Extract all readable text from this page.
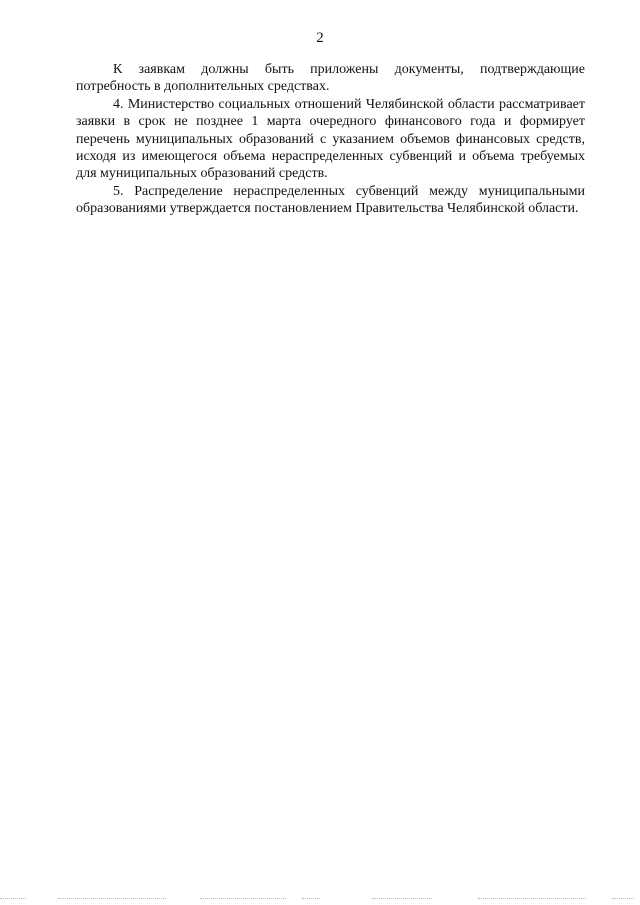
2

К заявкам должны быть приложены документы, подтверждающие потребность в дополнительных средствах.

4. Министерство социальных отношений Челябинской области рассматривает заявки в срок не позднее 1 марта очередного финансового года и формирует перечень муниципальных образований с указанием объемов финансовых средств, исходя из имеющегося объема нераспределенных субвенций и объема требуемых для муниципальных образований средств.

5. Распределение нераспределенных субвенций между муниципальными образованиями утверждается постановлением Правительства Челябинской области.
